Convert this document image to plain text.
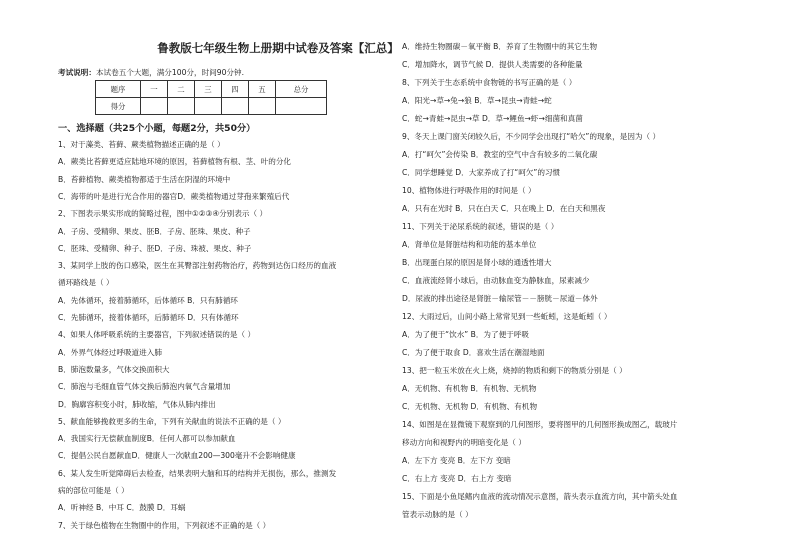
鲁教版七年级生物上册期中试卷及答案【汇总】
考试说明：本试卷五个大题，满分100分，时间90分钟.
题序	一	二	三	四	五	总分
得分						
一、选择题（共25个小题，每题2分，共50分）
1、对于藻类、苔藓、蕨类植物描述正确的是（ ）
A．蕨类比苔藓更适应陆地环境的原因，苔藓植物有根、茎、叶的分化
B．苔藓植物、蕨类植物都适于生活在阴湿的环境中
C．海带的叶是进行光合作用的器官D．蕨类植物通过芽孢来繁殖后代
2、下图表示果实形成的简略过程，图中①②③④分别表示（ ）
A．子房、受精卵、果皮、胚B．子房、胚珠、果皮、种子
C．胚珠、受精卵、种子、胚D．子房、珠被、果皮、种子
3、某同学上肢的伤口感染，医生在其臀部注射药物治疗，药物到达伤口经历的血液
循环路线是（ ）
A．先体循环，接着肺循环，后体循环 B．只有肺循环
C．先肺循环，接着体循环，后肺循环 D．只有体循环
4、如果人体呼吸系统的主要器官，下列叙述错误的是（ ）
A．外界气体经过呼吸道进入肺
B．肺泡数量多，气体交换面积大
C．肺泡与毛细血管气体交换后肺泡内氧气含量增加
D．胸廓容积变小时，肺收缩，气体从肺内排出
5、献血能够挽救更多的生命，下列有关献血的说法不正确的是（ ）
A．我国实行无偿献血制度B．任何人都可以参加献血
C．提倡公民自愿献血D．健康人一次献血200—300毫升不会影响健康
6、某人发生听觉障碍后去检查，结果表明大脑和耳的结构并无损伤，那么，推测发
病的部位可能是（ ）
A．听神经 B．中耳 C．鼓膜 D．耳蜗
7、关于绿色植物在生物圈中的作用，下列叙述不正确的是（ ）
A．维持生物圈碳－氧平衡 B．养育了生物圈中的其它生物
C．增加降水，调节气候 D．提供人类需要的各种能量
8、下列关于生态系统中食物链的书写正确的是（ ）
A．阳光→草→兔→狼 B．草→昆虫→青蛙→蛇
C．蛇→青蛙→昆虫→草 D．草→鲤鱼→虾→细菌和真菌
9、冬天上课门窗关闭较久后，不少同学会出现打“哈欠”的现象，是因为（ ）
A．打“呵欠”会传染 B．教室的空气中含有较多的二氧化碳
C．同学想睡觉 D．大家养成了打“呵欠”的习惯
10、植物体进行呼吸作用的时间是（ ）
A．只有在光时 B．只在白天 C．只在晚上 D．在白天和黑夜
11、下列关于泌尿系统的叙述，错误的是（ ）
A．肾单位是肾脏结构和功能的基本单位
B．出现蛋白尿的原因是肾小球的通透性增大
C．血液流经肾小球后，由动脉血变为静脉血，尿素减少
D．尿液的排出途径是肾脏－输尿管－－膀胱－尿道－体外
12、大雨过后，山间小路上常常见到一些蚯蚓，这是蚯蚓（ ）
A．为了便于“饮水” B．为了便于呼吸
C．为了便于取食 D．喜欢生活在潮湿地面
13、把一粒玉米放在火上烧，烧掉的物质和剩下的物质分别是（ ）
A．无机物、有机物 B．有机物、无机物
C．无机物、无机物 D．有机物、有机物
14、如图是在显微镜下观察到的几何图形，要将图甲的几何图形换成图乙，载玻片
移动方向和视野内的明暗变化是（ ）
A．左下方 变亮 B．左下方 变暗
C．右上方 变亮 D．右上方 变暗
15、下面是小鱼尾鳍内血液的流动情况示意图，箭头表示血流方向，其中箭头处血
管表示动脉的是（ ）
